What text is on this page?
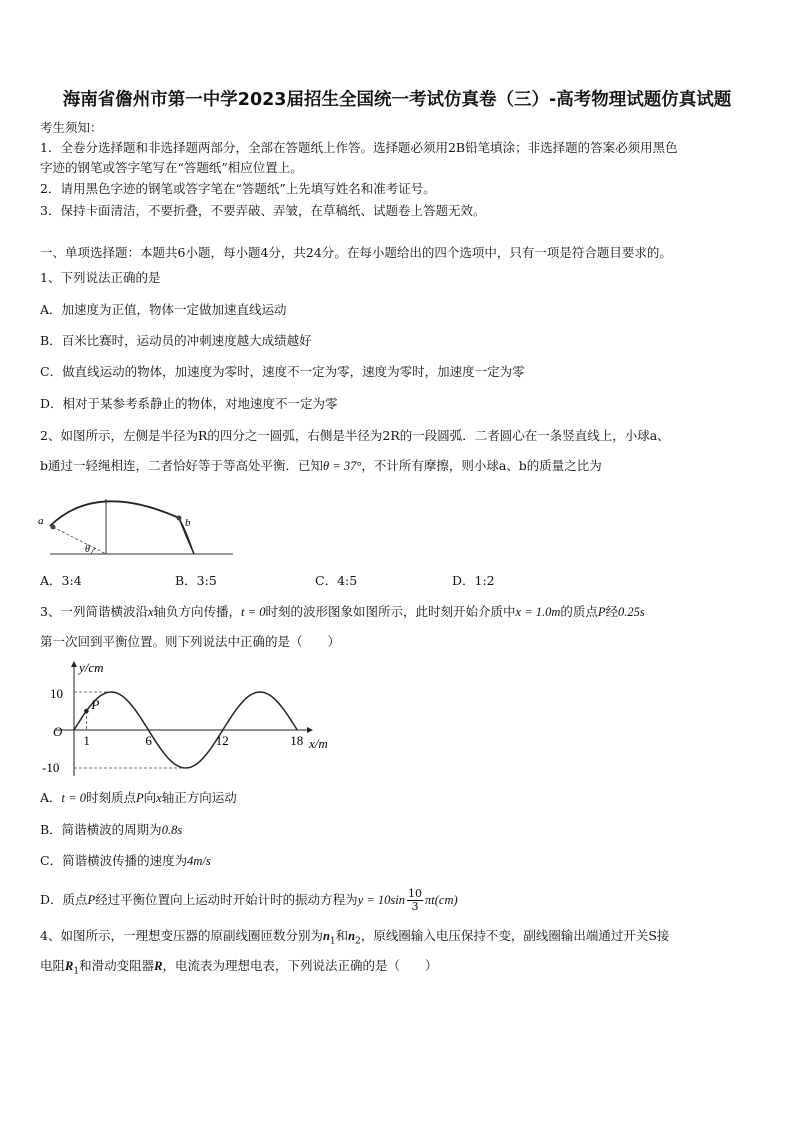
海南省儋州市第一中学2023届招生全国统一考试仿真卷（三）-高考物理试题仿真试题
考生须知：
1．全卷分选择题和非选择题两部分，全部在答题纸上作答。选择题必须用2B铅笔填涂；非选择题的答案必须用黑色
字迹的钢笔或答字笔写在“答题纸”相应位置上。
2．请用黑色字迹的钢笔或答字笔在“答题纸”上先填写姓名和准考证号。
3．保持卡面清洁，不要折叠，不要弄破、弄皱，在草稿纸、试题卷上答题无效。
一、单项选择题：本题共6小题，每小题4分，共24分。在每小题给出的四个选项中，只有一项是符合题目要求的。
1、下列说法正确的是
A．加速度为正值，物体一定做加速直线运动
B．百米比赛时，运动员的冲刺速度越大成绩越好
C．做直线运动的物体，加速度为零时，速度不一定为零，速度为零时，加速度一定为零
D．相对于某参考系静止的物体，对地速度不一定为零
2、如图所示，左侧是半径为R的四分之一圆弧，右侧是半径为2R的一段圆弧．二者圆心在一条竖直线上，小球a、
b通过一轻绳相连，二者恰好等于等高处平衡．已知θ = 37°，不计所有摩擦，则小球a、b的质量之比为
a	b
θ
A．3:4	B．3:5	C．4:5	D．1:2
3、一列简谐横波沿x轴负方向传播，t = 0时刻的波形图象如图所示，此时刻开始介质中x = 1.0m的质点P经0.25s
第一次回到平衡位置。则下列说法中正确的是（　　）
P
1	6	12	18
y/cm
x/m
O
10
-10
A．t = 0时刻质点P向x轴正方向运动
B．简谐横波的周期为0.8s
C．简谐横波传播的速度为4m/s
D．质点P经过平衡位置向上运动时开始计时的振动方程为$y = 10\sin \frac{10}{3} \pi t(cm)$
4、如图所示，一理想变压器的原副线圈匝数分别为$n_1$和$n_2$，原线圈输入电压保持不变，副线圈输出端通过开关S接
电阻$R_1$和滑动变阻器R，电流表为理想电表，下列说法正确的是（　　）
